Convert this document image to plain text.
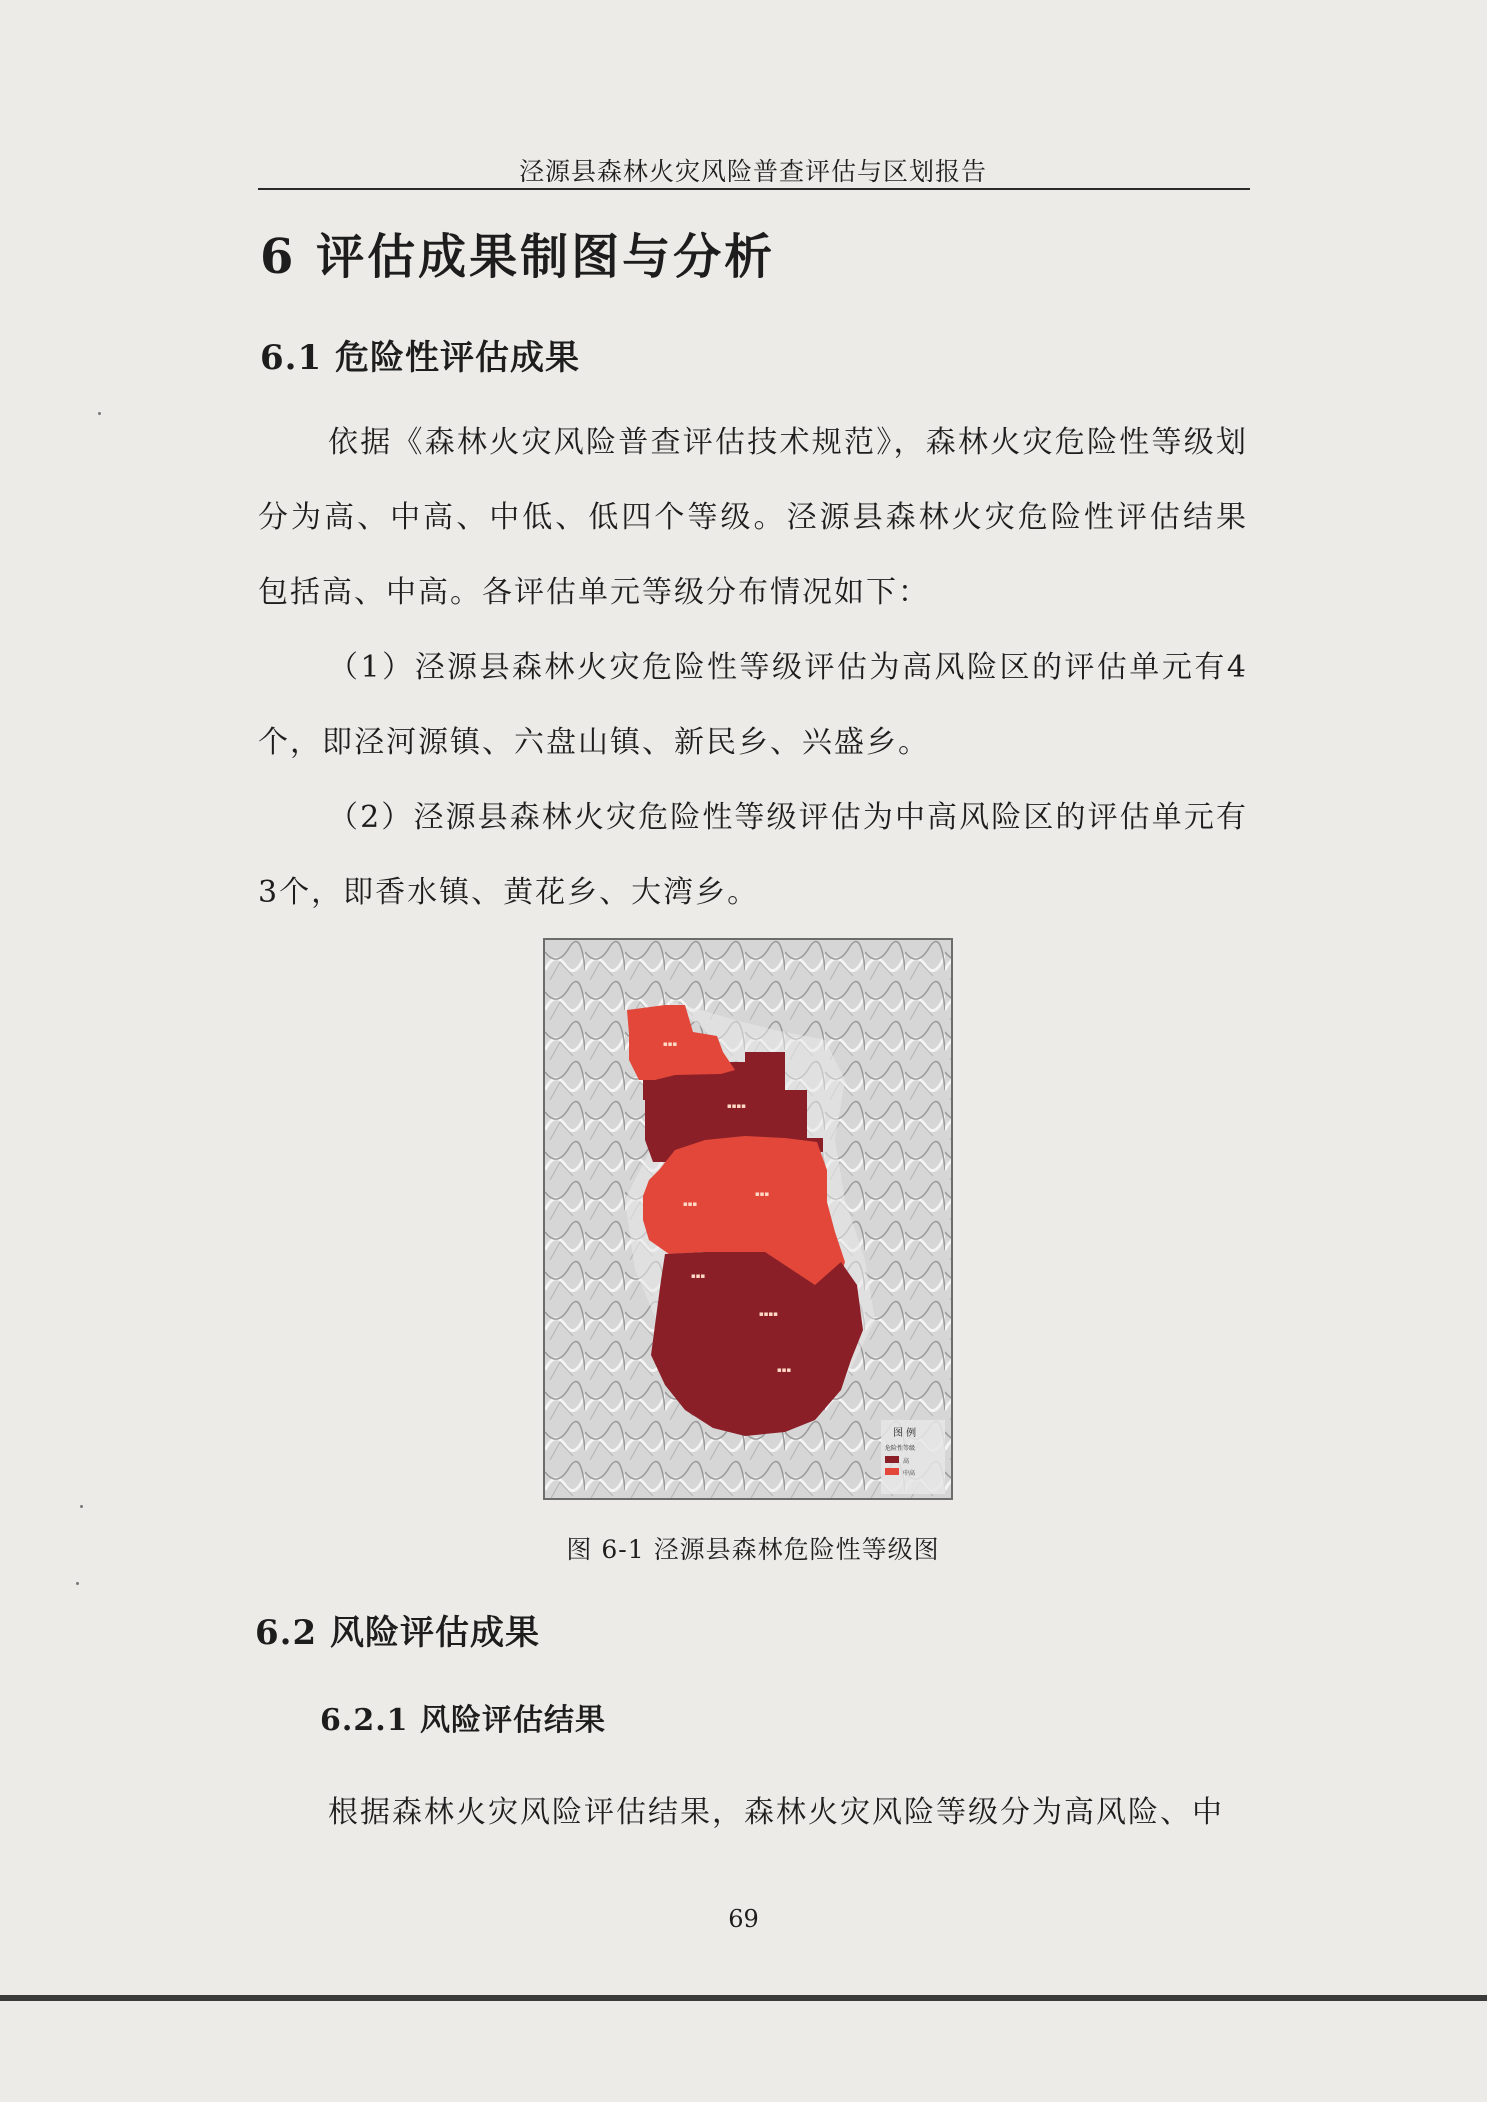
泾源县森林火灾风险普查评估与区划报告
6 评估成果制图与分析
6.1 危险性评估成果
依据《森林火灾风险普查评估技术规范》，森林火灾危险性等级划分为高、中高、中低、低四个等级。泾源县森林火灾危险性评估结果包括高、中高。各评估单元等级分布情况如下：
（1）泾源县森林火灾危险性等级评估为高风险区的评估单元有4个，即泾河源镇、六盘山镇、新民乡、兴盛乡。
（2）泾源县森林火灾危险性等级评估为中高风险区的评估单元有3个，即香水镇、黄花乡、大湾乡。
▪▪▪
▪▪▪▪
▪▪▪
▪▪▪
▪▪▪
▪▪▪▪
▪▪▪
图 例
危险性等级
高
中高
图 6-1 泾源县森林危险性等级图
6.2 风险评估成果
6.2.1 风险评估结果
根据森林火灾风险评估结果，森林火灾风险等级分为高风险、中
69
